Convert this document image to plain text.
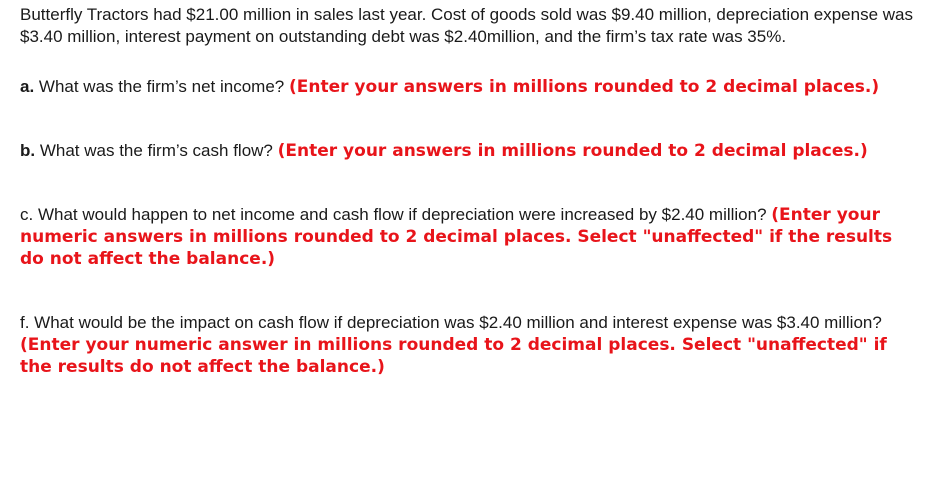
Butterfly Tractors had $21.00 million in sales last year. Cost of goods sold was $9.40 million, depreciation expense was $3.40 million, interest payment on outstanding debt was $2.40million, and the firm’s tax rate was 35%.

a. What was the firm’s net income? (Enter your answers in millions rounded to 2 decimal places.)

b. What was the firm’s cash flow? (Enter your answers in millions rounded to 2 decimal places.)

c. What would happen to net income and cash flow if depreciation were increased by $2.40 million? (Enter your numeric answers in millions rounded to 2 decimal places. Select "unaffected" if the results do not affect the balance.)

f. What would be the impact on cash flow if depreciation was $2.40 million and interest expense was $3.40 million? (Enter your numeric answer in millions rounded to 2 decimal places. Select "unaffected" if the results do not affect the balance.)
